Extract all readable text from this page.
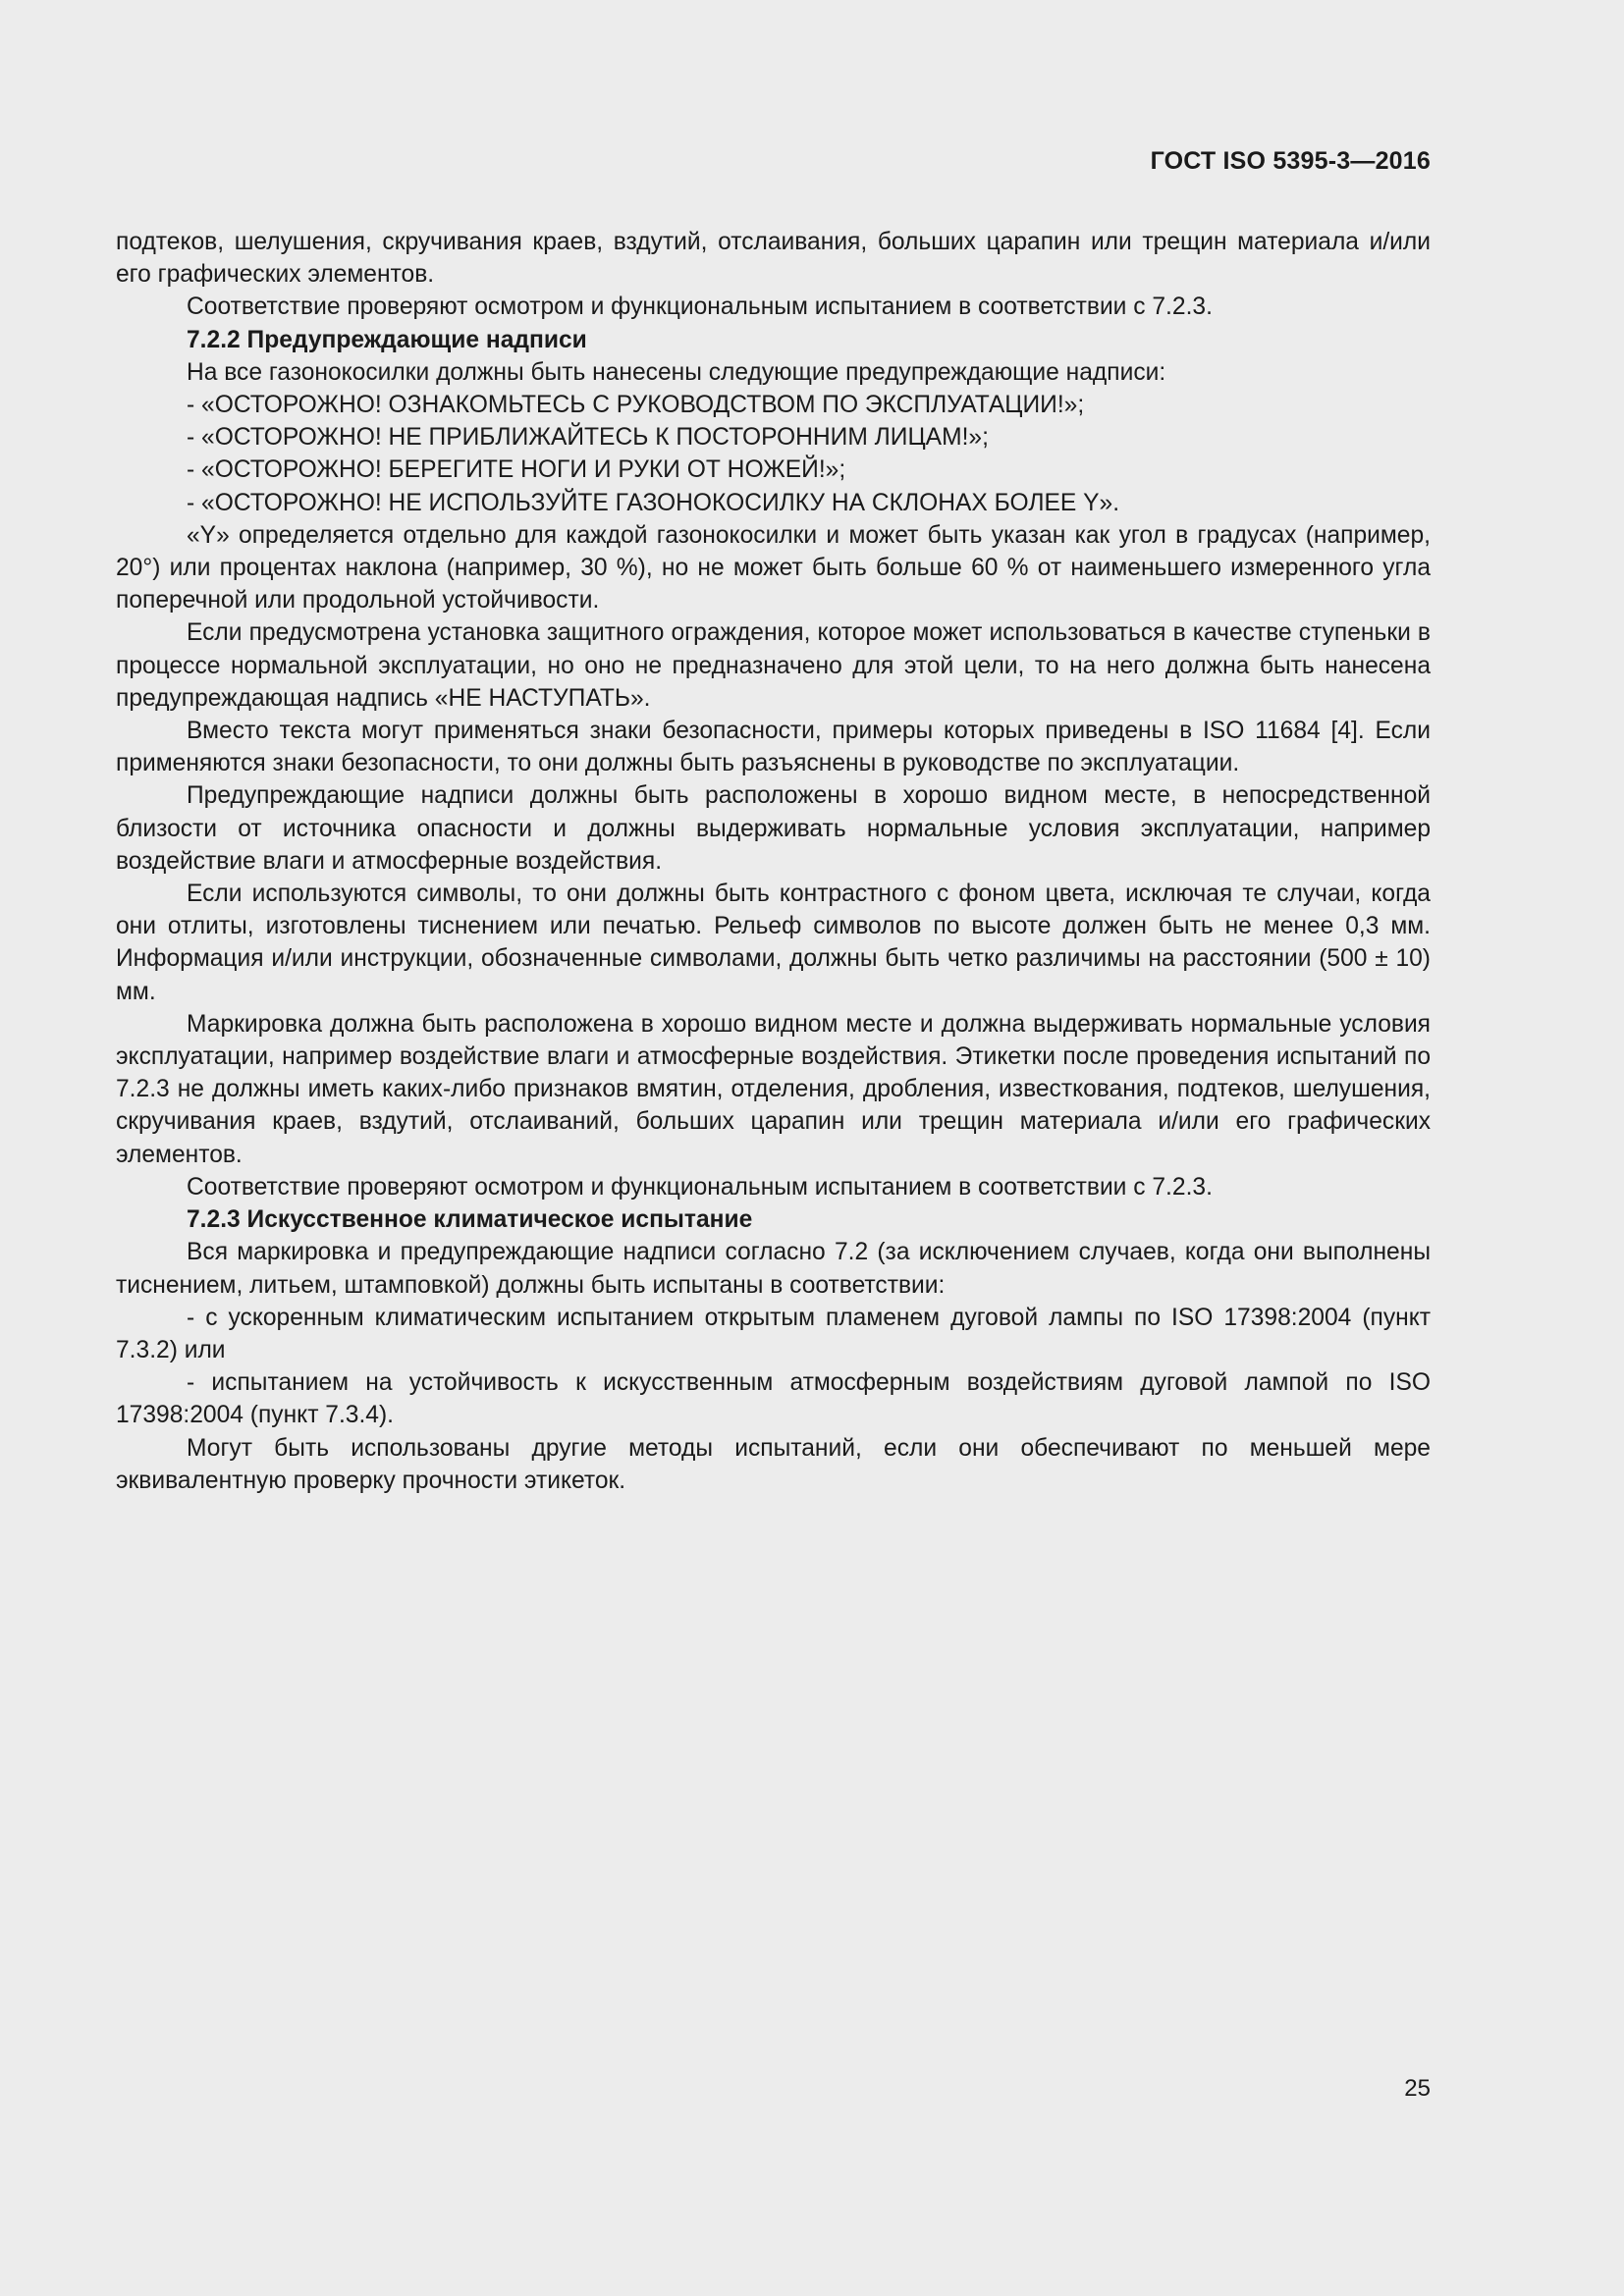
ГОСТ ISO 5395-3—2016

подтеков, шелушения, скручивания краев, вздутий, отслаивания, больших царапин или трещин материала и/или его графических элементов.

Соответствие проверяют осмотром и функциональным испытанием в соответствии с 7.2.3.

7.2.2 Предупреждающие надписи

На все газонокосилки должны быть нанесены следующие предупреждающие надписи:

- «ОСТОРОЖНО! ОЗНАКОМЬТЕСЬ С РУКОВОДСТВОМ ПО ЭКСПЛУАТАЦИИ!»;

- «ОСТОРОЖНО! НЕ ПРИБЛИЖАЙТЕСЬ К ПОСТОРОННИМ ЛИЦАМ!»;

- «ОСТОРОЖНО! БЕРЕГИТЕ НОГИ И РУКИ ОТ НОЖЕЙ!»;

- «ОСТОРОЖНО! НЕ ИСПОЛЬЗУЙТЕ ГАЗОНОКОСИЛКУ НА СКЛОНАХ БОЛЕЕ Y».

«Y» определяется отдельно для каждой газонокосилки и может быть указан как угол в градусах (например, 20°) или процентах наклона (например, 30 %), но не может быть больше 60 % от наименьшего измеренного угла поперечной или продольной устойчивости.

Если предусмотрена установка защитного ограждения, которое может использоваться в качестве ступеньки в процессе нормальной эксплуатации, но оно не предназначено для этой цели, то на него должна быть нанесена предупреждающая надпись «НЕ НАСТУПАТЬ».

Вместо текста могут применяться знаки безопасности, примеры которых приведены в ISO 11684 [4]. Если применяются знаки безопасности, то они должны быть разъяснены в руководстве по эксплуатации.

Предупреждающие надписи должны быть расположены в хорошо видном месте, в непосредственной близости от источника опасности и должны выдерживать нормальные условия эксплуатации, например воздействие влаги и атмосферные воздействия.

Если используются символы, то они должны быть контрастного с фоном цвета, исключая те случаи, когда они отлиты, изготовлены тиснением или печатью. Рельеф символов по высоте должен быть не менее 0,3 мм. Информация и/или инструкции, обозначенные символами, должны быть четко различимы на расстоянии (500 ± 10) мм.

Маркировка должна быть расположена в хорошо видном месте и должна выдерживать нормальные условия эксплуатации, например воздействие влаги и атмосферные воздействия. Этикетки после проведения испытаний по 7.2.3 не должны иметь каких-либо признаков вмятин, отделения, дробления, известкования, подтеков, шелушения, скручивания краев, вздутий, отслаиваний, больших царапин или трещин материала и/или его графических элементов.

Соответствие проверяют осмотром и функциональным испытанием в соответствии с 7.2.3.

7.2.3 Искусственное климатическое испытание

Вся маркировка и предупреждающие надписи согласно 7.2 (за исключением случаев, когда они выполнены тиснением, литьем, штамповкой) должны быть испытаны в соответствии:

- с ускоренным климатическим испытанием открытым пламенем дуговой лампы по ISO 17398:2004 (пункт 7.3.2) или

- испытанием на устойчивость к искусственным атмосферным воздействиям дуговой лампой по ISO 17398:2004 (пункт 7.3.4).

Могут быть использованы другие методы испытаний, если они обеспечивают по меньшей мере эквивалентную проверку прочности этикеток.

25
